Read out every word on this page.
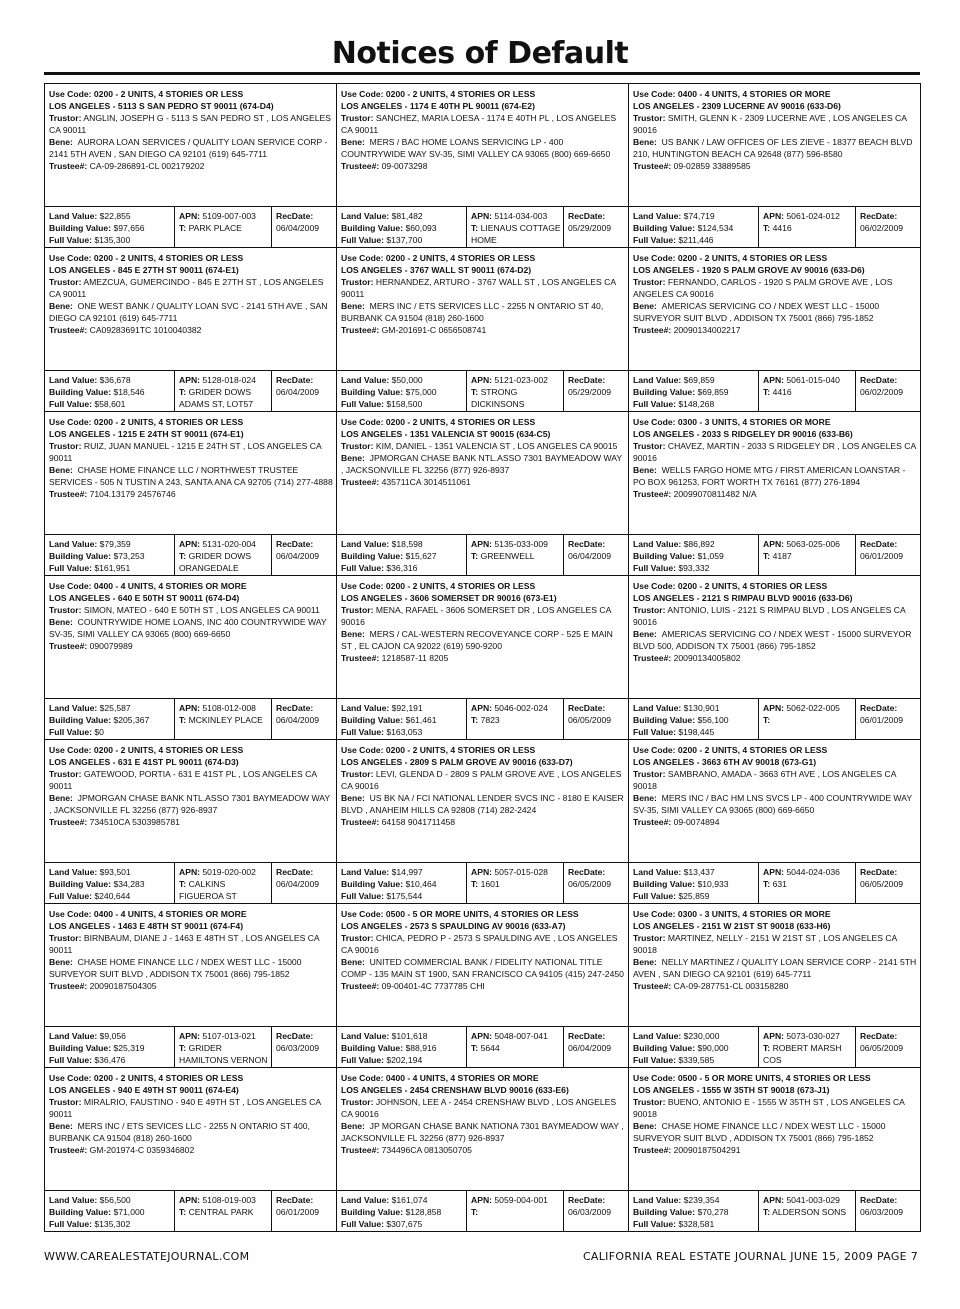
Notices of Default
Use Code: 0200 - 2 UNITS, 4 STORIES OR LESS
LOS ANGELES - 5113 S SAN PEDRO ST 90011 (674-D4)
Trustor: ANGLIN, JOSEPH G - 5113 S SAN PEDRO ST , LOS ANGELES CA 90011
Bene: AURORA LOAN SERVICES / QUALITY LOAN SERVICE CORP - 2141 5TH AVEN , SAN DIEGO CA 92101 (619) 645-7711
Trustee#: CA-09-286891-CL 002179202
Land Value: $22,855
Building Value: $97,656
Full Value: $135,300
APN: 5109-007-003
T: PARK PLACE
RecDate:
06/04/2009
Use Code: 0200 - 2 UNITS, 4 STORIES OR LESS
LOS ANGELES - 1174 E 40TH PL 90011 (674-E2)
Trustor: SANCHEZ, MARIA LOESA - 1174 E 40TH PL , LOS ANGELES CA 90011
Bene: MERS / BAC HOME LOANS SERVICING LP - 400 COUNTRYWIDE WAY SV-35, SIMI VALLEY CA 93065 (800) 669-6650
Trustee#: 09-0073298
Land Value: $81,482
Building Value: $60,093
Full Value: $137,700
APN: 5114-034-003
T: LIENAUS COTTAGE HOME
RecDate:
05/29/2009
Use Code: 0400 - 4 UNITS, 4 STORIES OR MORE
LOS ANGELES - 2309 LUCERNE AV 90016 (633-D6)
Trustor: SMITH, GLENN K - 2309 LUCERNE AVE , LOS ANGELES CA 90016
Bene: US BANK / LAW OFFICES OF LES ZIEVE - 18377 BEACH BLVD 210, HUNTINGTON BEACH CA 92648 (877) 596-8580
Trustee#: 09-02859 33889585
Land Value: $74,719
Building Value: $124,534
Full Value: $211,446
APN: 5061-024-012
T: 4416
RecDate:
06/02/2009
Use Code: 0200 - 2 UNITS, 4 STORIES OR LESS
LOS ANGELES - 845 E 27TH ST 90011 (674-E1)
Trustor: AMEZCUA, GUMERCINDO - 845 E 27TH ST , LOS ANGELES CA 90011
Bene: ONE WEST BANK / QUALITY LOAN SVC - 2141 5TH AVE , SAN DIEGO CA 92101 (619) 645-7711
Trustee#: CA09283691TC 1010040382
Land Value: $36,678
Building Value: $18,546
Full Value: $58,601
APN: 5128-018-024
T: GRIDER DOWS ADAMS ST, LOT57
RecDate:
06/04/2009
Use Code: 0200 - 2 UNITS, 4 STORIES OR LESS
LOS ANGELES - 3767 WALL ST 90011 (674-D2)
Trustor: HERNANDEZ, ARTURO - 3767 WALL ST , LOS ANGELES CA 90011
Bene: MERS INC / ETS SERVICES LLC - 2255 N ONTARIO ST 40, BURBANK CA 91504 (818) 260-1600
Trustee#: GM-201691-C 0656508741
Land Value: $50,000
Building Value: $75,000
Full Value: $158,500
APN: 5121-023-002
T: STRONG DICKINSONS
RecDate:
05/29/2009
Use Code: 0200 - 2 UNITS, 4 STORIES OR LESS
LOS ANGELES - 1920 S PALM GROVE AV 90016 (633-D6)
Trustor: FERNANDO, CARLOS - 1920 S PALM GROVE AVE , LOS ANGELES CA 90016
Bene: AMERICAS SERVICING CO / NDEX WEST LLC - 15000 SURVEYOR SUIT BLVD , ADDISON TX 75001 (866) 795-1852
Trustee#: 20090134002217
Land Value: $69,859
Building Value: $69,859
Full Value: $148,268
APN: 5061-015-040
T: 4416
RecDate:
06/02/2009
Use Code: 0200 - 2 UNITS, 4 STORIES OR LESS
LOS ANGELES - 1215 E 24TH ST 90011 (674-E1)
Trustor: RUIZ, JUAN MANUEL - 1215 E 24TH ST , LOS ANGELES CA 90011
Bene: CHASE HOME FINANCE LLC / NORTHWEST TRUSTEE SERVICES - 505 N TUSTIN A 243, SANTA ANA CA 92705 (714) 277-4888
Trustee#: 7104.13179 24576746
Land Value: $79,359
Building Value: $73,253
Full Value: $161,951
APN: 5131-020-004
T: GRIDER DOWS ORANGEDALE
RecDate:
06/04/2009
Use Code: 0200 - 2 UNITS, 4 STORIES OR LESS
LOS ANGELES - 1351 VALENCIA ST 90015 (634-C5)
Trustor: KIM, DANIEL - 1351 VALENCIA ST , LOS ANGELES CA 90015
Bene: JPMORGAN CHASE BANK NTL.ASSO 7301 BAYMEADOW WAY , JACKSONVILLE FL 32256 (877) 926-8937
Trustee#: 435711CA 3014511061
Land Value: $18,598
Building Value: $15,627
Full Value: $36,316
APN: 5135-033-009
T: GREENWELL
RecDate:
06/04/2009
Use Code: 0300 - 3 UNITS, 4 STORIES OR MORE
LOS ANGELES - 2033 S RIDGELEY DR 90016 (633-B6)
Trustor: CHAVEZ, MARTIN - 2033 S RIDGELEY DR , LOS ANGELES CA 90016
Bene: WELLS FARGO HOME MTG / FIRST AMERICAN LOANSTAR - PO BOX 961253, FORT WORTH TX 76161 (877) 276-1894
Trustee#: 20099070811482 N/A
Land Value: $86,892
Building Value: $1,059
Full Value: $93,332
APN: 5063-025-006
T: 4187
RecDate:
06/01/2009
Use Code: 0400 - 4 UNITS, 4 STORIES OR MORE
LOS ANGELES - 640 E 50TH ST 90011 (674-D4)
Trustor: SIMON, MATEO - 640 E 50TH ST , LOS ANGELES CA 90011
Bene: COUNTRYWIDE HOME LOANS, INC 400 COUNTRYWIDE WAY SV-35, SIMI VALLEY CA 93065 (800) 669-6650
Trustee#: 090079989
Land Value: $25,587
Building Value: $205,367
Full Value: $0
APN: 5108-012-008
T: MCKINLEY PLACE
RecDate:
06/04/2009
Use Code: 0200 - 2 UNITS, 4 STORIES OR LESS
LOS ANGELES - 3606 SOMERSET DR 90016 (673-E1)
Trustor: MENA, RAFAEL - 3606 SOMERSET DR , LOS ANGELES CA 90016
Bene: MERS / CAL-WESTERN RECOVEYANCE CORP - 525 E MAIN ST , EL CAJON CA 92022 (619) 590-9200
Trustee#: 1218587-11 8205
Land Value: $92,191
Building Value: $61,461
Full Value: $163,053
APN: 5046-002-024
T: 7823
RecDate:
06/05/2009
Use Code: 0200 - 2 UNITS, 4 STORIES OR LESS
LOS ANGELES - 2121 S RIMPAU BLVD 90016 (633-D6)
Trustor: ANTONIO, LUIS - 2121 S RIMPAU BLVD , LOS ANGELES CA 90016
Bene: AMERICAS SERVICING CO / NDEX WEST - 15000 SURVEYOR BLVD 500, ADDISON TX 75001 (866) 795-1852
Trustee#: 20090134005802
Land Value: $130,901
Building Value: $56,100
Full Value: $198,445
APN: 5062-022-005
T:
RecDate:
06/01/2009
Use Code: 0200 - 2 UNITS, 4 STORIES OR LESS
LOS ANGELES - 631 E 41ST PL 90011 (674-D3)
Trustor: GATEWOOD, PORTIA - 631 E 41ST PL , LOS ANGELES CA 90011
Bene: JPMORGAN CHASE BANK NTL.ASSO 7301 BAYMEADOW WAY , JACKSONVILLE FL 32256 (877) 926-8937
Trustee#: 734510CA 5303985781
Land Value: $93,501
Building Value: $34,283
Full Value: $240,644
APN: 5019-020-002
T: CALKINS FIGUEROA ST
RecDate:
06/04/2009
Use Code: 0200 - 2 UNITS, 4 STORIES OR LESS
LOS ANGELES - 2809 S PALM GROVE AV 90016 (633-D7)
Trustor: LEVI, GLENDA D - 2809 S PALM GROVE AVE , LOS ANGELES CA 90016
Bene: US BK NA / FCI NATIONAL LENDER SVCS INC - 8180 E KAISER BLVD , ANAHEIM HILLS CA 92808 (714) 282-2424
Trustee#: 64158 9041711458
Land Value: $14,997
Building Value: $10,464
Full Value: $175,544
APN: 5057-015-028
T: 1601
RecDate:
06/05/2009
Use Code: 0200 - 2 UNITS, 4 STORIES OR LESS
LOS ANGELES - 3663 6TH AV 90018 (673-G1)
Trustor: SAMBRANO, AMADA - 3663 6TH AVE , LOS ANGELES CA 90018
Bene: MERS INC / BAC HM LNS SVCS LP - 400 COUNTRYWIDE WAY SV-35, SIMI VALLEY CA 93065 (800) 669-6650
Trustee#: 09-0074894
Land Value: $13,437
Building Value: $10,933
Full Value: $25,859
APN: 5044-024-036
T: 631
RecDate:
06/05/2009
Use Code: 0400 - 4 UNITS, 4 STORIES OR MORE
LOS ANGELES - 1463 E 48TH ST 90011 (674-F4)
Trustor: BIRNBAUM, DIANE J - 1463 E 48TH ST , LOS ANGELES CA 90011
Bene: CHASE HOME FINANCE LLC / NDEX WEST LLC - 15000 SURVEYOR SUIT BLVD , ADDISON TX 75001 (866) 795-1852
Trustee#: 20090187504305
Land Value: $9,056
Building Value: $25,319
Full Value: $36,476
APN: 5107-013-021
T: GRIDER HAMILTONS VERNON
RecDate:
06/03/2009
Use Code: 0500 - 5 OR MORE UNITS, 4 STORIES OR LESS
LOS ANGELES - 2573 S SPAULDING AV 90016 (633-A7)
Trustor: CHICA, PEDRO P - 2573 S SPAULDING AVE , LOS ANGELES CA 90016
Bene: UNITED COMMERCIAL BANK / FIDELITY NATIONAL TITLE COMP - 135 MAIN ST 1900, SAN FRANCISCO CA 94105 (415) 247-2450
Trustee#: 09-00401-4C 7737785 CHI
Land Value: $101,618
Building Value: $88,916
Full Value: $202,194
APN: 5048-007-041
T: 5644
RecDate:
06/04/2009
Use Code: 0300 - 3 UNITS, 4 STORIES OR MORE
LOS ANGELES - 2151 W 21ST ST 90018 (633-H6)
Trustor: MARTINEZ, NELLY - 2151 W 21ST ST , LOS ANGELES CA 90018
Bene: NELLY MARTINEZ / QUALITY LOAN SERVICE CORP - 2141 5TH AVEN , SAN DIEGO CA 92101 (619) 645-7711
Trustee#: CA-09-287751-CL 003158280
Land Value: $230,000
Building Value: $90,000
Full Value: $339,585
APN: 5073-030-027
T: ROBERT MARSH COS
RecDate:
06/05/2009
Use Code: 0200 - 2 UNITS, 4 STORIES OR LESS
LOS ANGELES - 940 E 49TH ST 90011 (674-E4)
Trustor: MIRALRIO, FAUSTINO - 940 E 49TH ST , LOS ANGELES CA 90011
Bene: MERS INC / ETS SEVICES LLC - 2255 N ONTARIO ST 400, BURBANK CA 91504 (818) 260-1600
Trustee#: GM-201974-C 0359346802
Land Value: $56,500
Building Value: $71,000
Full Value: $135,302
APN: 5108-019-003
T: CENTRAL PARK
RecDate:
06/01/2009
Use Code: 0400 - 4 UNITS, 4 STORIES OR MORE
LOS ANGELES - 2454 CRENSHAW BLVD 90016 (633-E6)
Trustor: JOHNSON, LEE A - 2454 CRENSHAW BLVD , LOS ANGELES CA 90016
Bene: JP MORGAN CHASE BANK NATIONA 7301 BAYMEADOW WAY , JACKSONVILLE FL 32256 (877) 926-8937
Trustee#: 734496CA 0813050705
Land Value: $161,074
Building Value: $128,858
Full Value: $307,675
APN: 5059-004-001
T:
RecDate:
06/03/2009
Use Code: 0500 - 5 OR MORE UNITS, 4 STORIES OR LESS
LOS ANGELES - 1555 W 35TH ST 90018 (673-J1)
Trustor: BUENO, ANTONIO E - 1555 W 35TH ST , LOS ANGELES CA 90018
Bene: CHASE HOME FINANCE LLC / NDEX WEST LLC - 15000 SURVEYOR SUIT BLVD , ADDISON TX 75001 (866) 795-1852
Trustee#: 20090187504291
Land Value: $239,354
Building Value: $70,278
Full Value: $328,581
APN: 5041-003-029
T: ALDERSON SONS
RecDate:
06/03/2009
WWW.CAREALESTATEJOURNAL.COM	CALIFORNIA REAL ESTATE JOURNAL JUNE 15, 2009 PAGE 7
